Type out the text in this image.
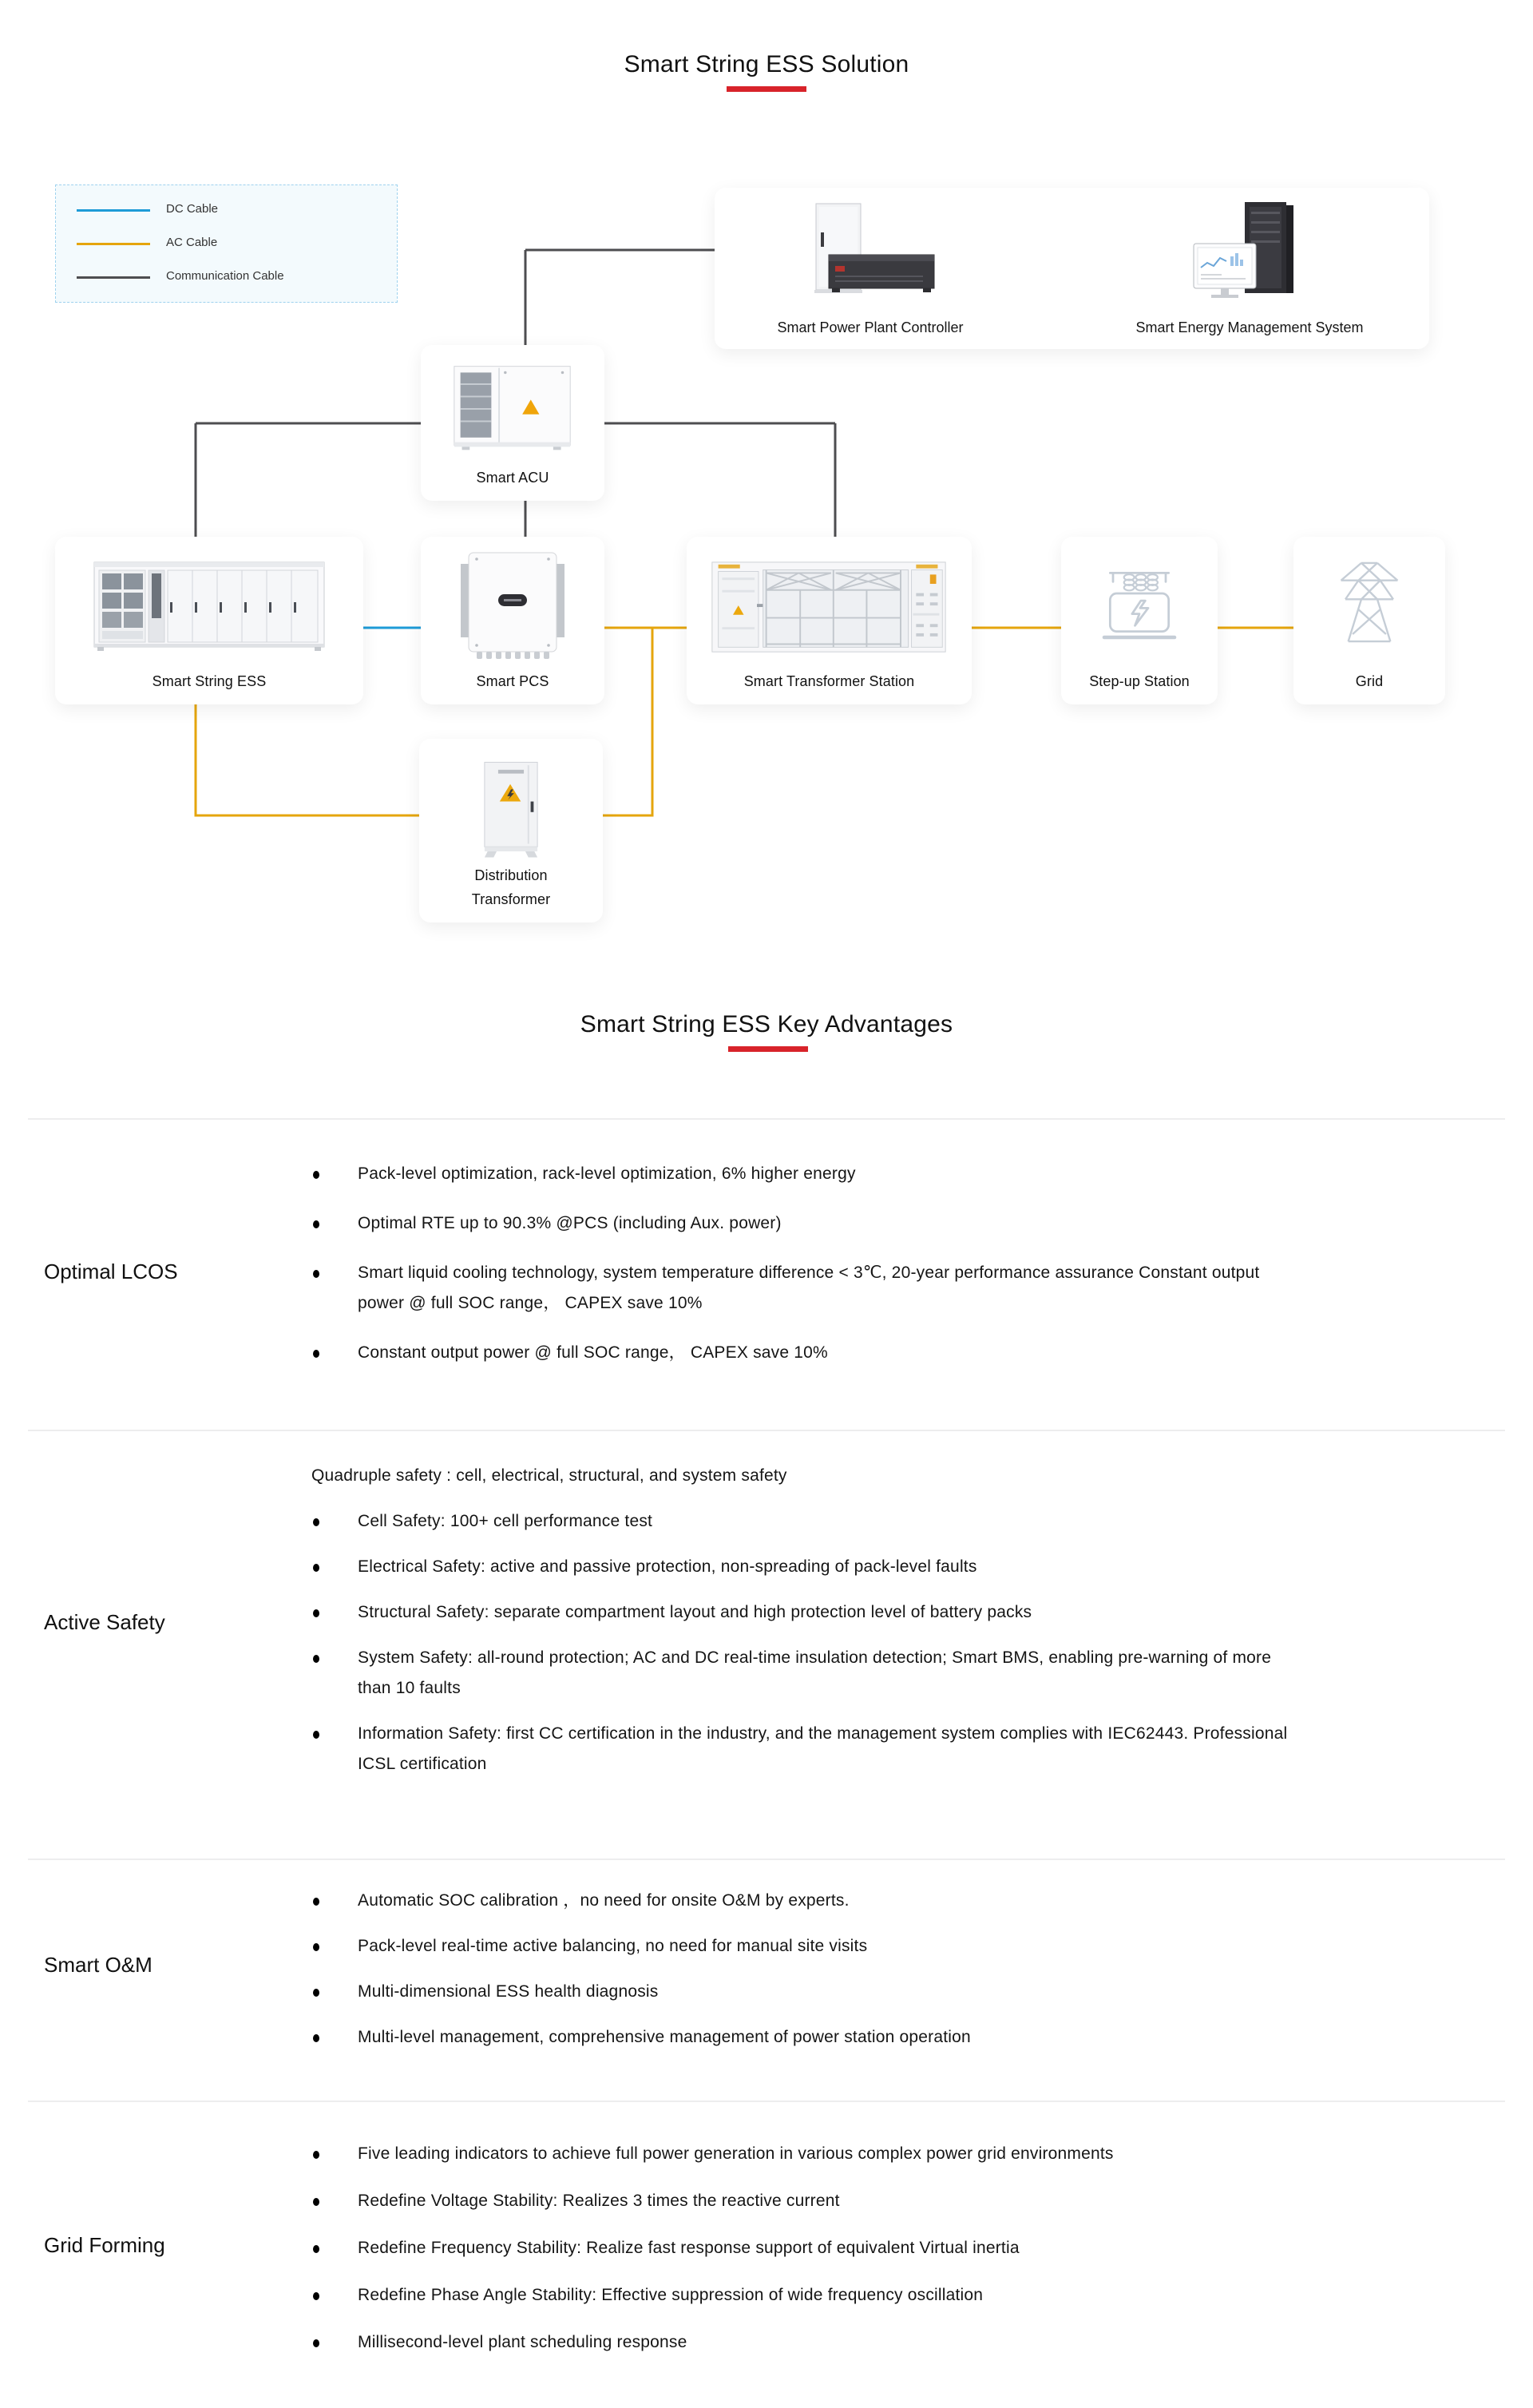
Smart String ESS Solution
DC Cable
AC Cable
Communication Cable
Smart Power Plant Controller	Smart Energy Management System
Smart ACU
Smart String ESS	Smart PCS	Smart Transformer Station	Step-up Station	Grid
Distribution Transformer
Smart String ESS Key Advantages
Optimal LCOS
Pack-level optimization, rack-level optimization, 6% higher energy
Optimal RTE up to 90.3% @PCS (including Aux. power)
Smart liquid cooling technology, system temperature difference < 3℃, 20-year performance assurance Constant output power @ full SOC range， CAPEX save 10%
Constant output power @ full SOC range， CAPEX save 10%
Active Safety
Quadruple safety : cell, electrical, structural, and system safety
Cell Safety: 100+ cell performance test
Electrical Safety: active and passive protection, non-spreading of pack-level faults
Structural Safety: separate compartment layout and high protection level of battery packs
System Safety: all-round protection; AC and DC real-time insulation detection; Smart BMS, enabling pre-warning of more than 10 faults
Information Safety: first CC certification in the industry, and the management system complies with IEC62443. Professional ICSL certification
Smart O&M
Automatic SOC calibration ，no need for onsite O&M by experts.
Pack-level real-time active balancing, no need for manual site visits
Multi-dimensional ESS health diagnosis
Multi-level management, comprehensive management of power station operation
Grid Forming
Five leading indicators to achieve full power generation in various complex power grid environments
Redefine Voltage Stability: Realizes 3 times the reactive current
Redefine Frequency Stability: Realize fast response support of equivalent Virtual inertia
Redefine Phase Angle Stability: Effective suppression of wide frequency oscillation
Millisecond-level plant scheduling response
